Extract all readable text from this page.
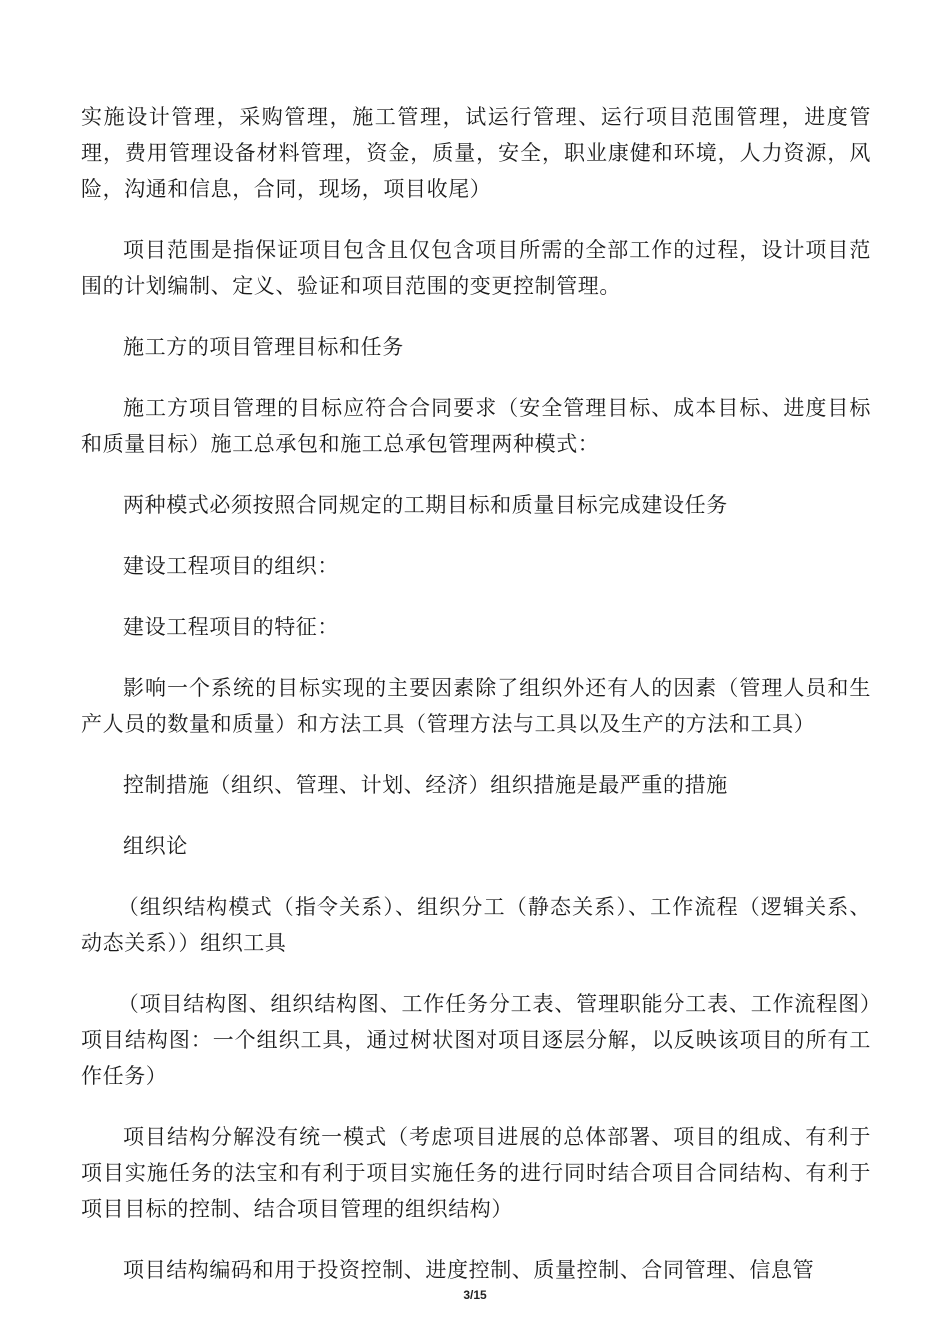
实施设计管理，采购管理，施工管理，试运行管理、运行项目范围管理，进度管理，费用管理设备材料管理，资金，质量，安全，职业康健和环境，人力资源，风险，沟通和信息，合同，现场，项目收尾）

项目范围是指保证项目包含且仅包含项目所需的全部工作的过程，设计项目范围的计划编制、定义、验证和项目范围的变更控制管理。

施工方的项目管理目标和任务

施工方项目管理的目标应符合合同要求（安全管理目标、成本目标、进度目标和质量目标）施工总承包和施工总承包管理两种模式：

两种模式必须按照合同规定的工期目标和质量目标完成建设任务

建设工程项目的组织：

建设工程项目的特征：

影响一个系统的目标实现的主要因素除了组织外还有人的因素（管理人员和生产人员的数量和质量）和方法工具（管理方法与工具以及生产的方法和工具）

控制措施（组织、管理、计划、经济）组织措施是最严重的措施

组织论

（组织结构模式（指令关系）、组织分工（静态关系）、工作流程（逻辑关系、动态关系））组织工具

（项目结构图、组织结构图、工作任务分工表、管理职能分工表、工作流程图）项目结构图：一个组织工具，通过树状图对项目逐层分解，以反映该项目的所有工作任务）

项目结构分解没有统一模式（考虑项目进展的总体部署、项目的组成、有利于项目实施任务的法宝和有利于项目实施任务的进行同时结合项目合同结构、有利于项目目标的控制、结合项目管理的组织结构）

项目结构编码和用于投资控制、进度控制、质量控制、合同管理、信息管

3/15
